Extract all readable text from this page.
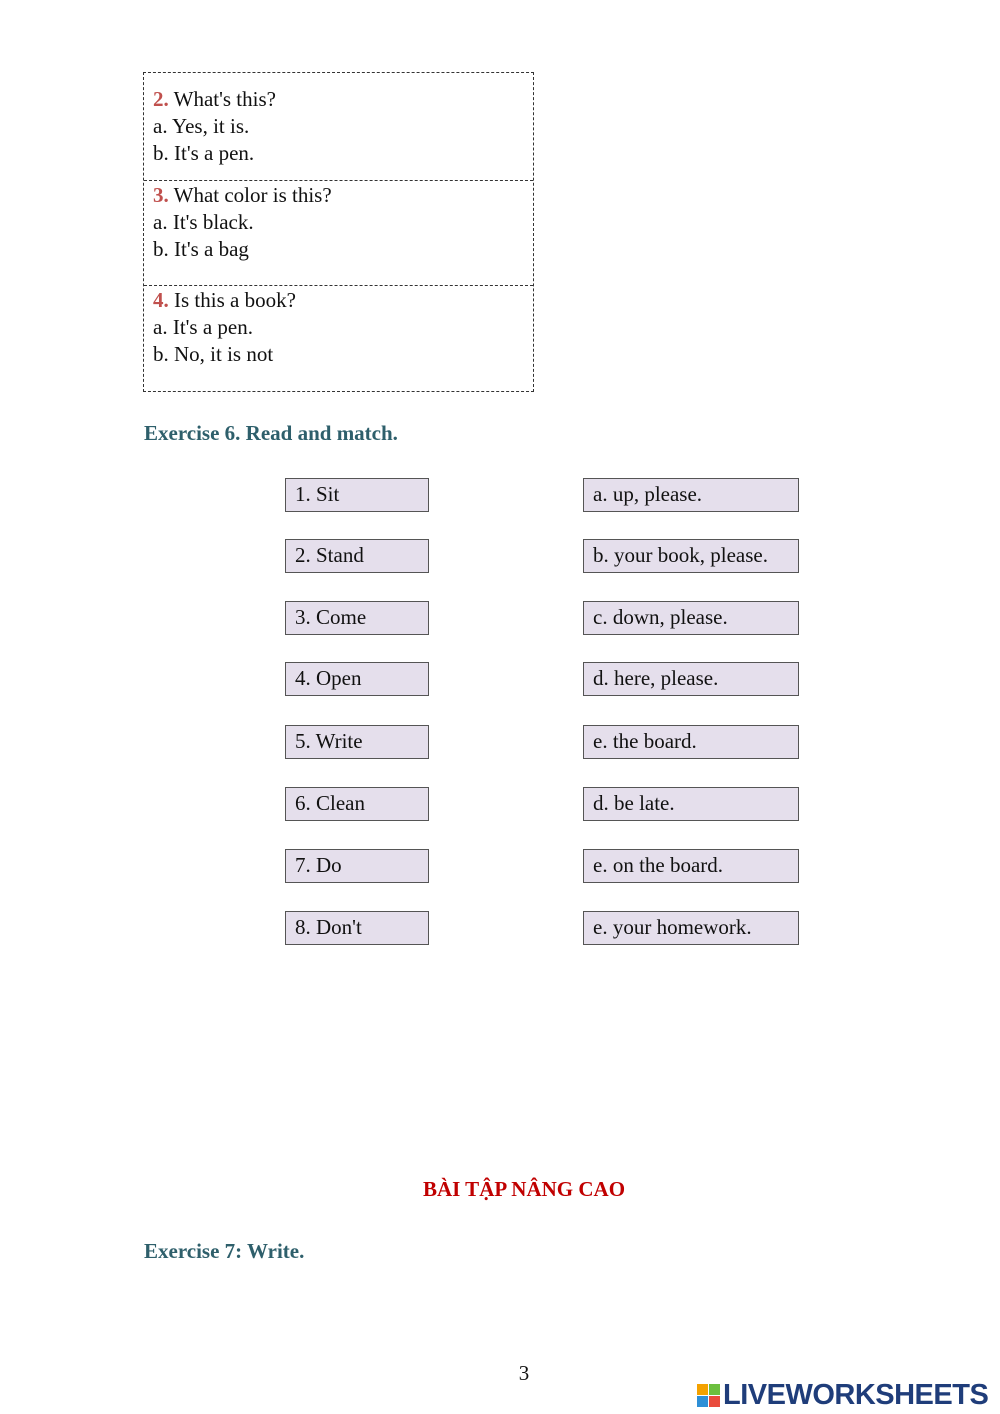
2. What's this?
a. Yes, it is.
b. It's a pen.
3. What color is this?
a. It's black.
b. It's a bag
4. Is this a book?
a. It's a pen.
b. No, it is not
Exercise 6. Read and match.
1. Sit
2. Stand
3. Come
4. Open
5. Write
6. Clean
7. Do
8. Don't
a. up, please.
b. your book, please.
c. down, please.
d. here, please.
e. the board.
d. be late.
e. on the board.
e. your homework.
BÀI TẬP NÂNG CAO
Exercise 7: Write.
3
LIVEWORKSHEETS
